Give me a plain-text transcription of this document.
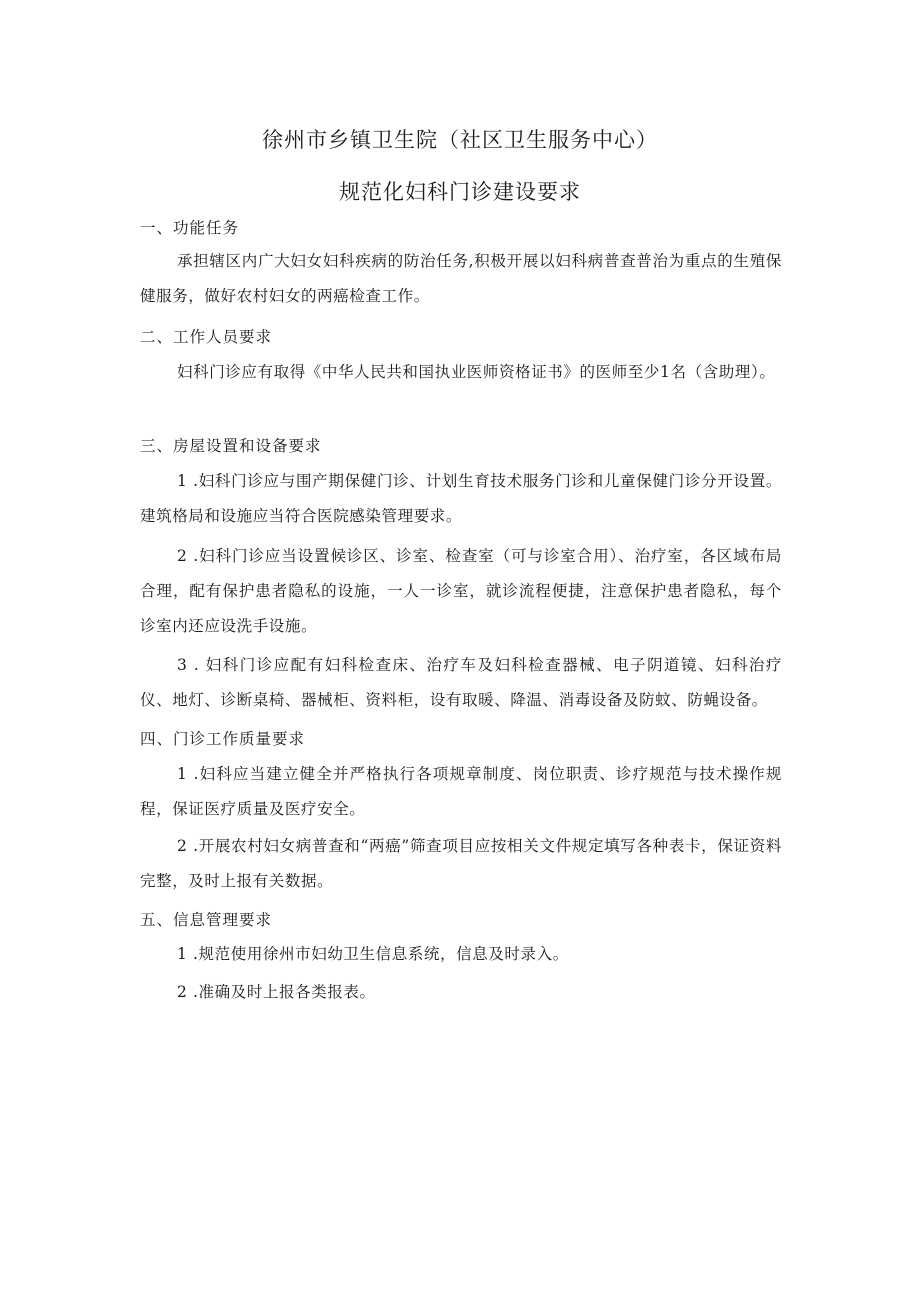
徐州市乡镇卫生院（社区卫生服务中心）
规范化妇科门诊建设要求
一、功能任务
承担辖区内广大妇女妇科疾病的防治任务,积极开展以妇科病普查普治为重点的生殖保健服务，做好农村妇女的两癌检查工作。
二、工作人员要求
妇科门诊应有取得《中华人民共和国执业医师资格证书》的医师至少1名（含助理）。
三、房屋设置和设备要求
1 .妇科门诊应与围产期保健门诊、计划生育技术服务门诊和儿童保健门诊分开设置。建筑格局和设施应当符合医院感染管理要求。
2 .妇科门诊应当设置候诊区、诊室、检查室（可与诊室合用）、治疗室，各区域布局合理，配有保护患者隐私的设施，一人一诊室，就诊流程便捷，注意保护患者隐私，每个诊室内还应设洗手设施。
3 . 妇科门诊应配有妇科检查床、治疗车及妇科检查器械、电子阴道镜、妇科治疗仪、地灯、诊断桌椅、器械柜、资料柜，设有取暖、降温、消毒设备及防蚊、防蝇设备。
四、门诊工作质量要求
1 .妇科应当建立健全并严格执行各项规章制度、岗位职责、诊疗规范与技术操作规程，保证医疗质量及医疗安全。
2 .开展农村妇女病普查和“两癌”筛查项目应按相关文件规定填写各种表卡，保证资料完整，及时上报有关数据。
五、信息管理要求
1 .规范使用徐州市妇幼卫生信息系统，信息及时录入。
2 .准确及时上报各类报表。
